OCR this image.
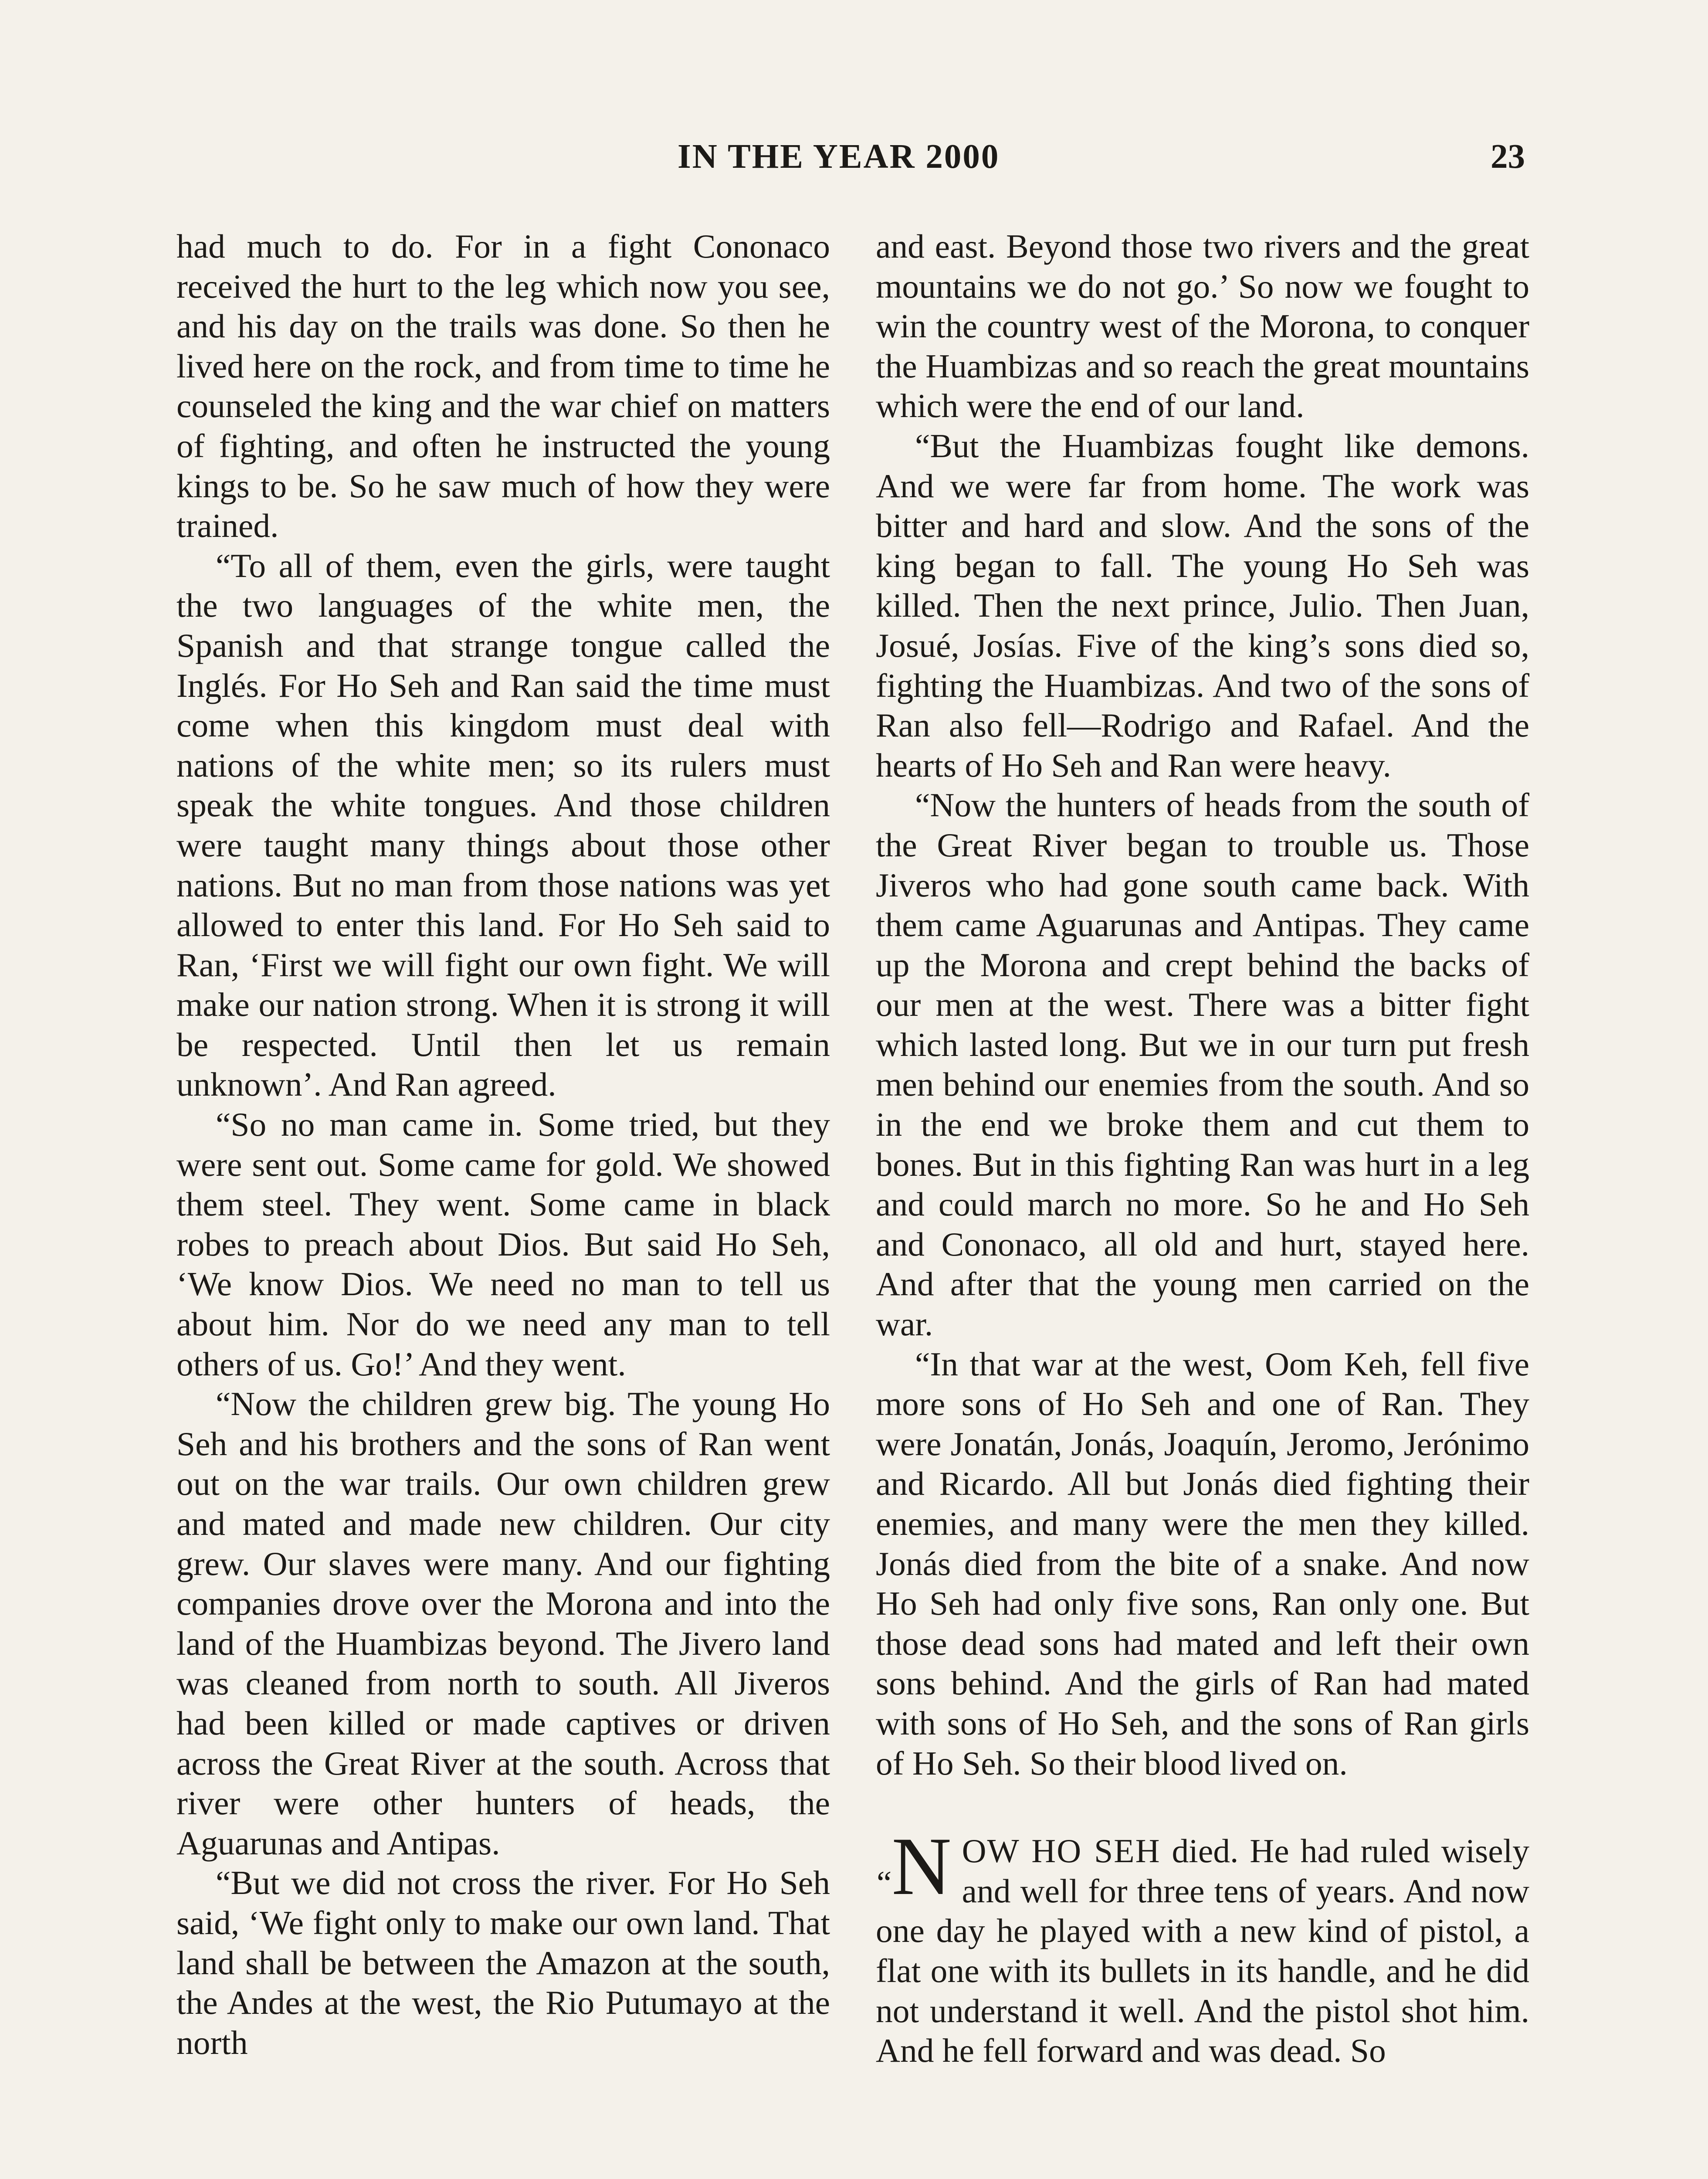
IN THE YEAR 2000	23

had much to do. For in a fight Cononaco received the hurt to the leg which now you see, and his day on the trails was done. So then he lived here on the rock, and from time to time he counseled the king and the war chief on matters of fighting, and often he instructed the young kings to be. So he saw much of how they were trained.

“To all of them, even the girls, were taught the two languages of the white men, the Spanish and that strange tongue called the Inglés. For Ho Seh and Ran said the time must come when this kingdom must deal with nations of the white men; so its rulers must speak the white tongues. And those children were taught many things about those other nations. But no man from those nations was yet allowed to enter this land. For Ho Seh said to Ran, ‘First we will fight our own fight. We will make our nation strong. When it is strong it will be respected. Until then let us remain unknown’. And Ran agreed.

“So no man came in. Some tried, but they were sent out. Some came for gold. We showed them steel. They went. Some came in black robes to preach about Dios. But said Ho Seh, ‘We know Dios. We need no man to tell us about him. Nor do we need any man to tell others of us. Go!’ And they went.

“Now the children grew big. The young Ho Seh and his brothers and the sons of Ran went out on the war trails. Our own children grew and mated and made new children. Our city grew. Our slaves were many. And our fighting companies drove over the Morona and into the land of the Huambizas beyond. The Jivero land was cleaned from north to south. All Jiveros had been killed or made captives or driven across the Great River at the south. Across that river were other hunters of heads, the Aguarunas and Antipas.

“But we did not cross the river. For Ho Seh said, ‘We fight only to make our own land. That land shall be between the Amazon at the south, the Andes at the west, the Rio Putumayo at the north

and east. Beyond those two rivers and the great mountains we do not go.’ So now we fought to win the country west of the Morona, to conquer the Huambizas and so reach the great mountains which were the end of our land.

“But the Huambizas fought like demons. And we were far from home. The work was bitter and hard and slow. And the sons of the king began to fall. The young Ho Seh was killed. Then the next prince, Julio. Then Juan, Josué, Josías. Five of the king’s sons died so, fighting the Huambizas. And two of the sons of Ran also fell—Rodrigo and Rafael. And the hearts of Ho Seh and Ran were heavy.

“Now the hunters of heads from the south of the Great River began to trouble us. Those Jiveros who had gone south came back. With them came Aguarunas and Antipas. They came up the Morona and crept behind the backs of our men at the west. There was a bitter fight which lasted long. But we in our turn put fresh men behind our enemies from the south. And so in the end we broke them and cut them to bones. But in this fighting Ran was hurt in a leg and could march no more. So he and Ho Seh and Cononaco, all old and hurt, stayed here. And after that the young men carried on the war.

“In that war at the west, Oom Keh, fell five more sons of Ho Seh and one of Ran. They were Jonatán, Jonás, Joaquín, Jeromo, Jerónimo and Ricardo. All but Jonás died fighting their enemies, and many were the men they killed. Jonás died from the bite of a snake. And now Ho Seh had only five sons, Ran only one. But those dead sons had mated and left their own sons behind. And the girls of Ran had mated with sons of Ho Seh, and the sons of Ran girls of Ho Seh. So their blood lived on.

“N OW HO SEH died. He had ruled wisely and well for three tens of years. And now one day he played with a new kind of pistol, a flat one with its bullets in its handle, and he did not understand it well. And the pistol shot him. And he fell forward and was dead. So
